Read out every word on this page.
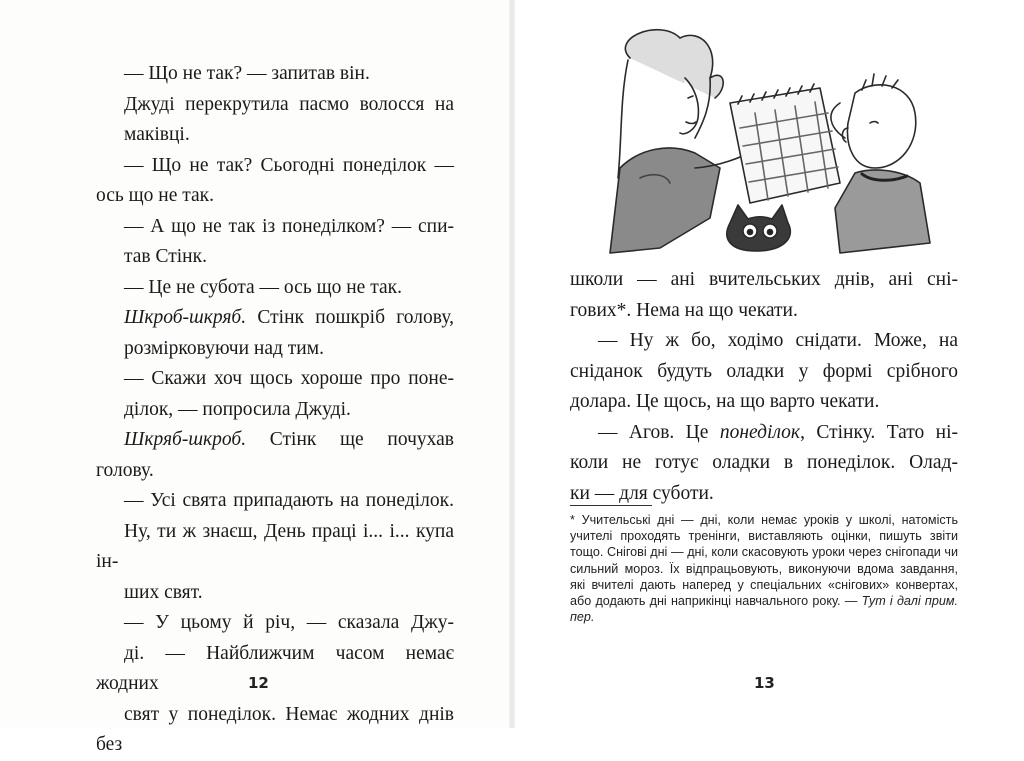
— Що не так? — запитав він.

Джуді перекрутила пасмо волосся на
маківці.

— Що не так? Сьогодні понеділок —
ось що не так.

— А що не так із понеділком? — спи-
тав Стінк.

— Це не субота — ось що не так.

Шкроб-шкряб. Стінк пошкріб голову,
розмірковуючи над тим.

— Скажи хоч щось хороше про поне-
ділок, — попросила Джуді.

Шкряб-шкроб. Стінк ще почухав голову.

— Усі свята припадають на понеділок.
Ну, ти ж знаєш, День праці і... і... купа ін-
ших свят.

— У цьому й річ, — сказала Джу-
ді. — Найближчим часом немає жодних
свят у понеділок. Немає жодних днів без

12

школи — ані вчительських днів, ані сні-
гових*. Нема на що чекати.

— Ну ж бо, ходімо снідати. Може, на
сніданок будуть оладки у формі срібного
долара. Це щось, на що варто чекати.

— Агов. Це понеділок, Стінку. Тато ні-
коли не готує оладки в понеділок. Олад-
ки — для суботи.

* Учительські дні — дні, коли немає уроків у школі, натомість учителі проходять тренінги, виставляють оцінки, пишуть звіти тощо. Снігові дні — дні, коли скасовують уроки через снігопади чи сильний мороз. Їх відпрацьовують, виконуючи вдома завдання, які вчителі дають наперед у спеціальних «снігових» конвертах, або додають дні наприкінці навчального року. — Тут і далі прим. пер.
13
